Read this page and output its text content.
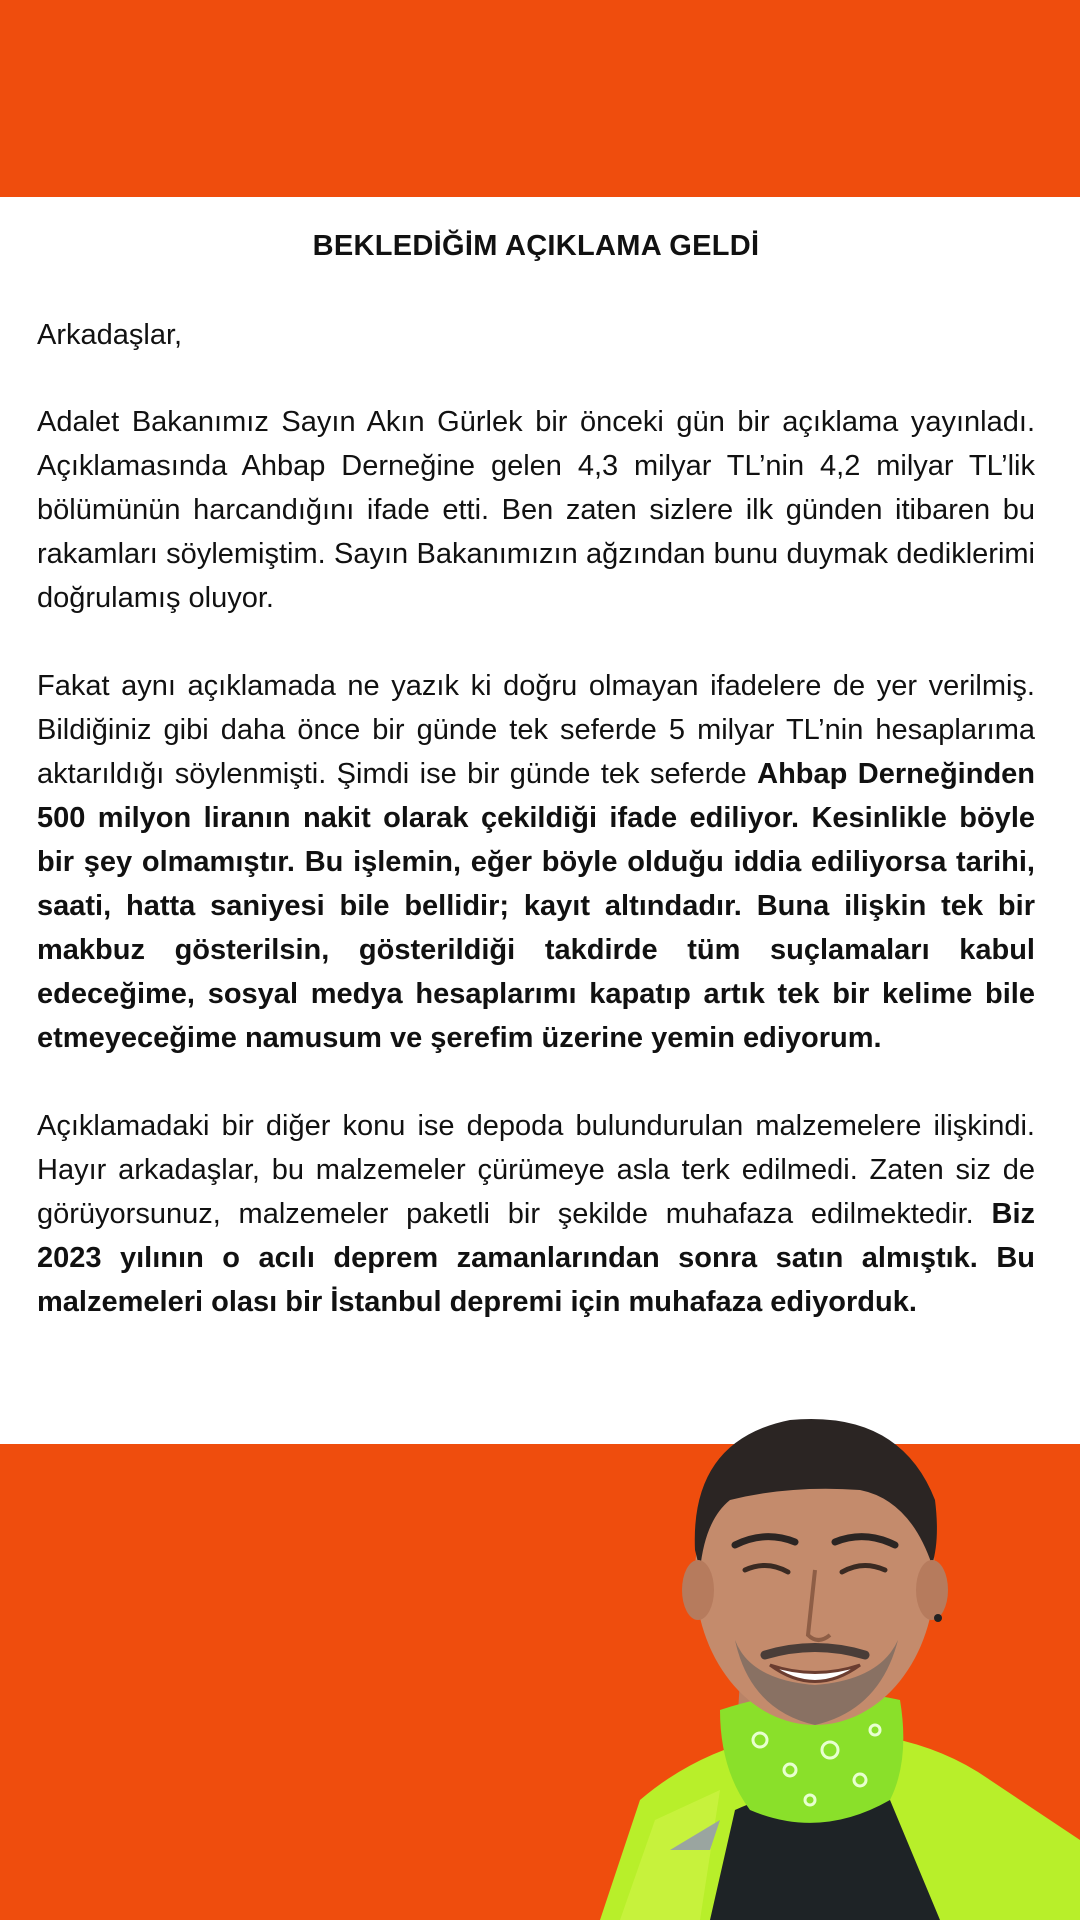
BEKLEDİĞİM AÇIKLAMA GELDİ

Arkadaşlar,

Adalet Bakanımız Sayın Akın Gürlek bir önceki gün bir açıklama yayınladı. Açıklamasında Ahbap Derneğine gelen 4,3 milyar TL’nin 4,2 milyar TL’lik bölümünün harcandığını ifade etti. Ben zaten sizlere ilk günden itibaren bu rakamları söylemiştim. Sayın Bakanımızın ağzından bunu duymak dediklerimi doğrulamış oluyor.

Fakat aynı açıklamada ne yazık ki doğru olmayan ifadelere de yer verilmiş. Bildiğiniz gibi daha önce bir günde tek seferde 5 milyar TL’nin hesaplarıma aktarıldığı söylenmişti. Şimdi ise bir günde tek seferde Ahbap Derneğinden 500 milyon liranın nakit olarak çekildiği ifade ediliyor. Kesinlikle böyle bir şey olmamıştır. Bu işlemin, eğer böyle olduğu iddia ediliyorsa tarihi, saati, hatta saniyesi bile bellidir; kayıt altındadır. Buna ilişkin tek bir makbuz gösterilsin, gösterildiği takdirde tüm suçlamaları kabul edeceğime, sosyal medya hesaplarımı kapatıp artık tek bir kelime bile etmeyeceğime namusum ve şerefim üzerine yemin ediyorum.

Açıklamadaki bir diğer konu ise depoda bulundurulan malzemelere ilişkindi. Hayır arkadaşlar, bu malzemeler çürümeye asla terk edilmedi. Zaten siz de görüyorsunuz, malzemeler paketli bir şekilde muhafaza edilmektedir. Biz 2023 yılının o acılı deprem zamanlarından sonra satın almıştık. Bu malzemeleri olası bir İstanbul depremi için muhafaza ediyorduk.
